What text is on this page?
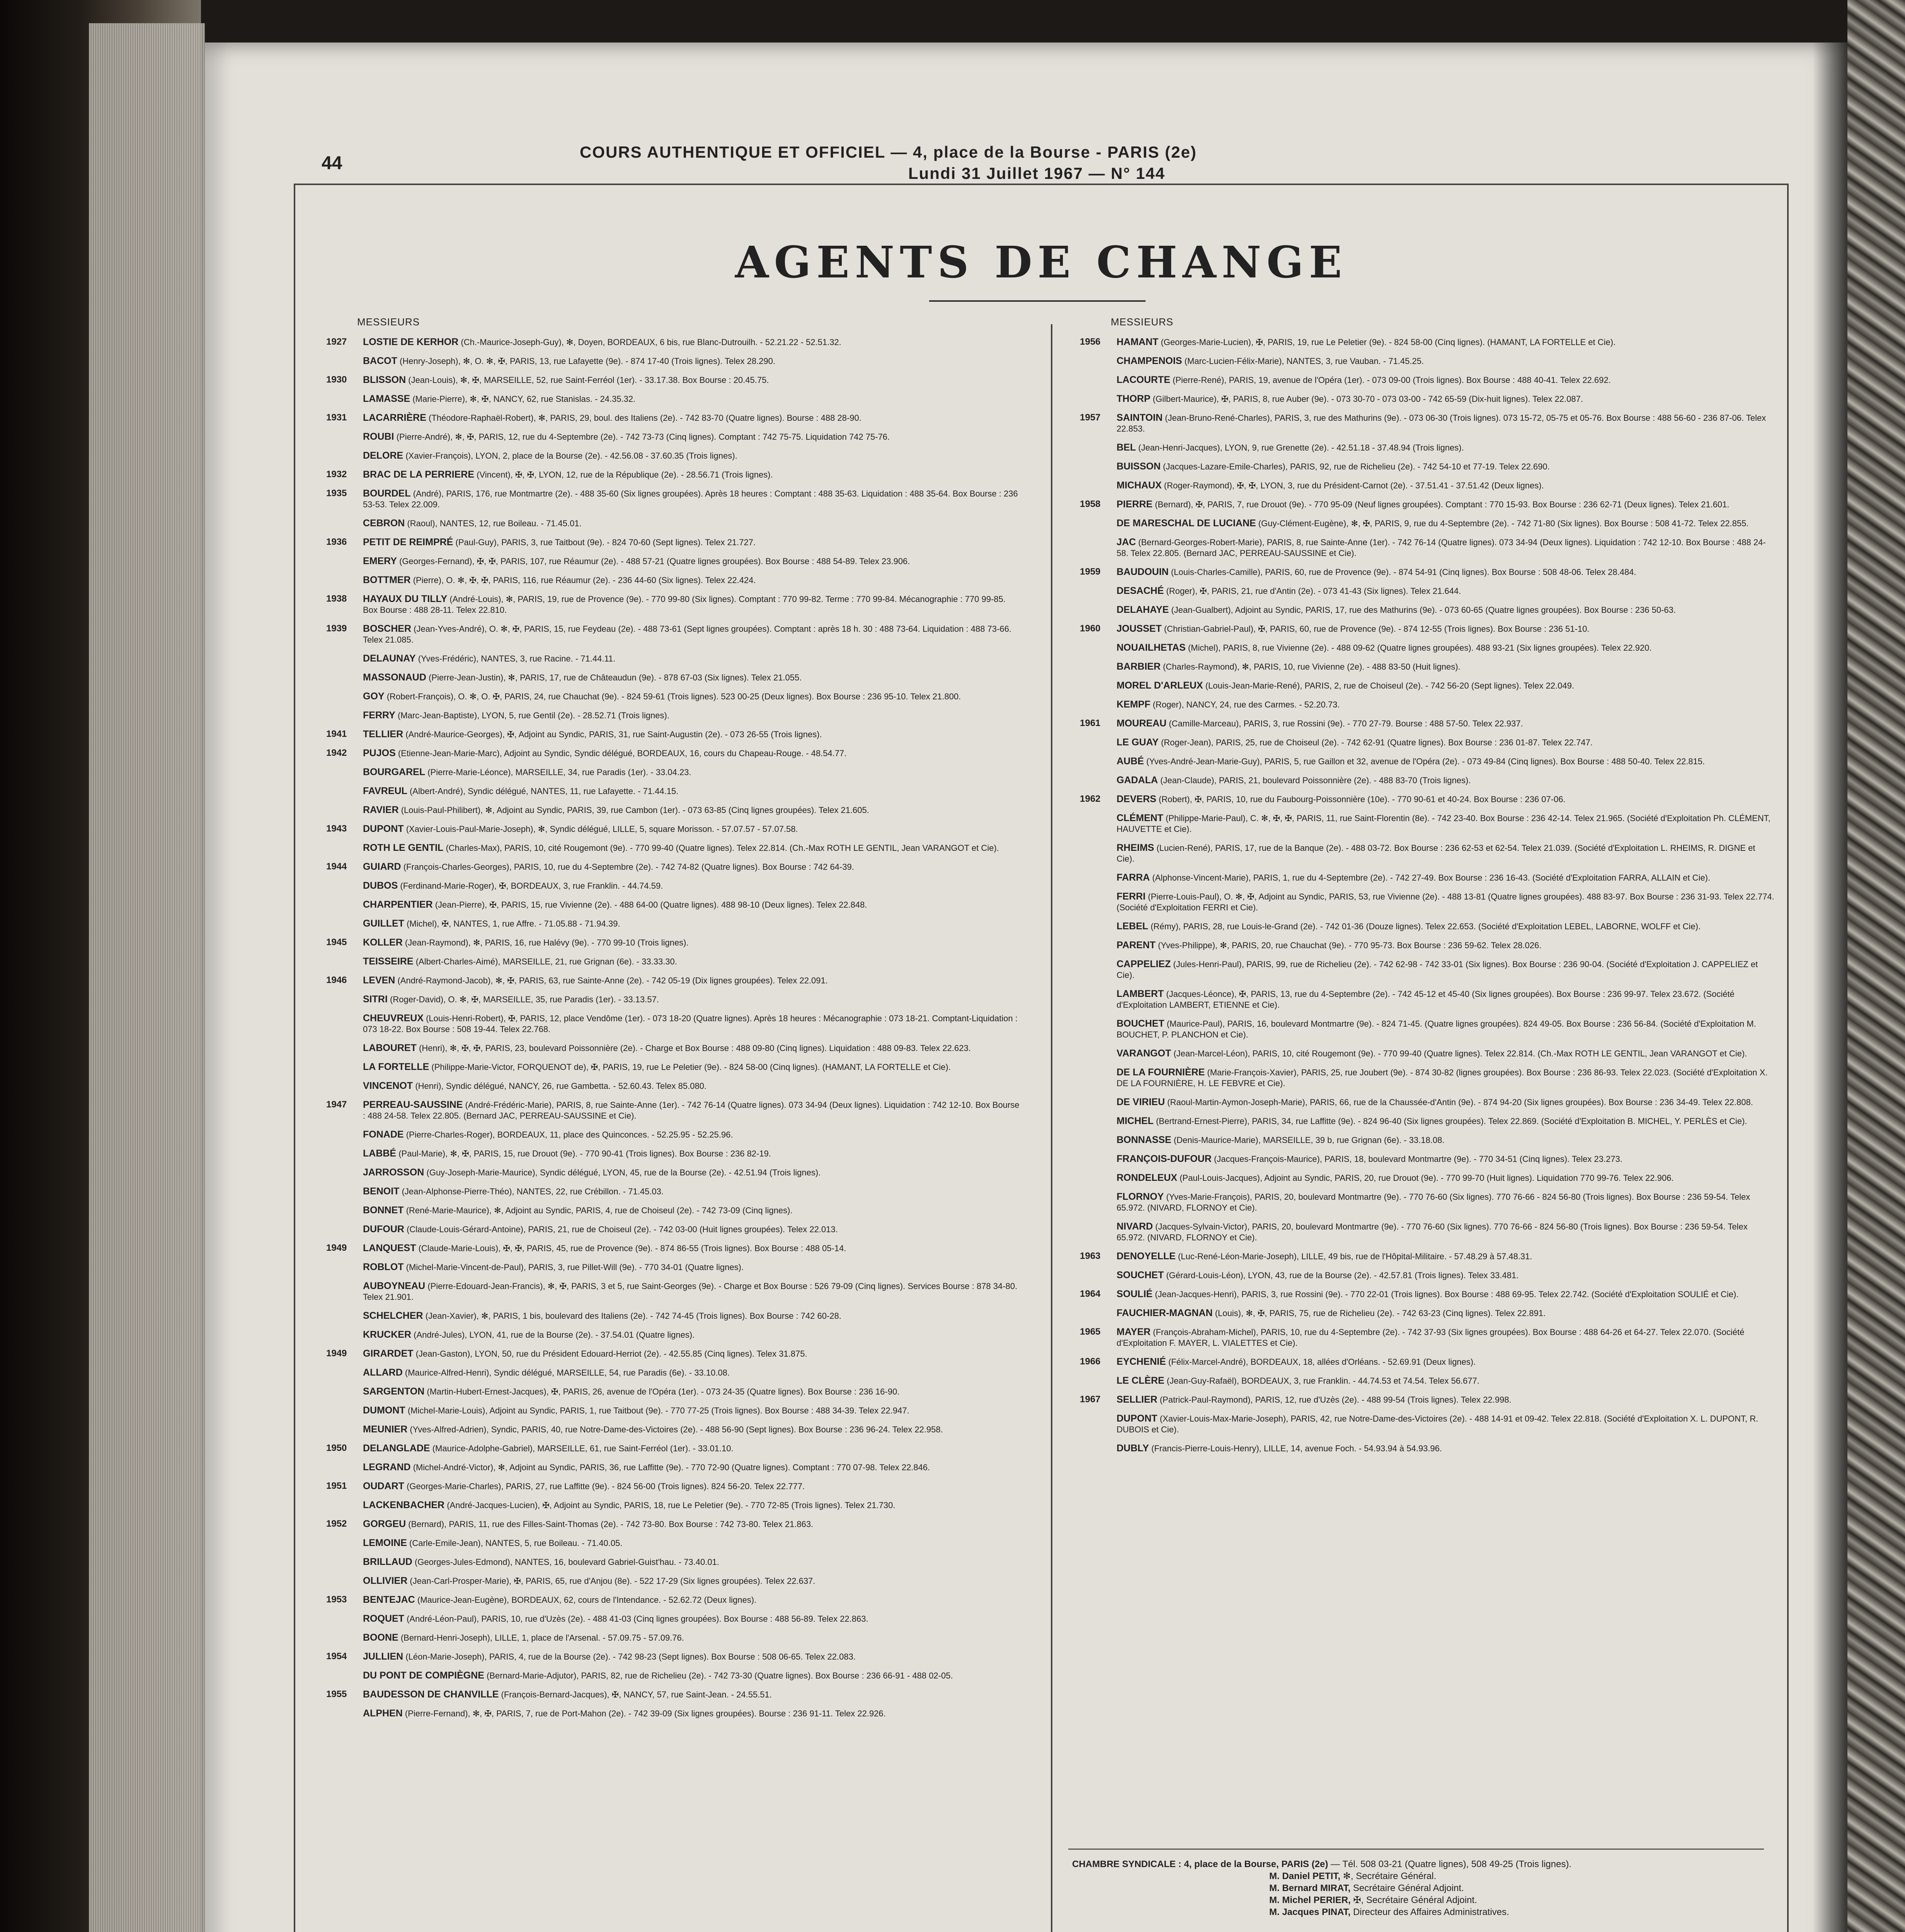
44
COURS AUTHENTIQUE ET OFFICIEL — 4, place de la Bourse - PARIS (2e)
Lundi 31 Juillet 1967 — N° 144
AGENTS DE CHANGE
MESSIEURS
1927 LOSTIE DE KERHOR (Ch.-Maurice-Joseph-Guy), ✻, Doyen, BORDEAUX, 6 bis, rue Blanc-Dutrouilh. - 52.21.22 - 52.51.32.
BACOT (Henry-Joseph), ✻, O. ✻, ✠, PARIS, 13, rue Lafayette (9e). - 874 17-40 (Trois lignes). Telex 28.290.
1930 BLISSON (Jean-Louis), ✻, ✠, MARSEILLE, 52, rue Saint-Ferréol (1er). - 33.17.38. Box Bourse : 20.45.75.
LAMASSE (Marie-Pierre), ✻, ✠, NANCY, 62, rue Stanislas. - 24.35.32.
1931 LACARRIÈRE (Théodore-Raphaël-Robert), ✻, PARIS, 29, boul. des Italiens (2e). - 742 83-70 (Quatre lignes). Bourse : 488 28-90.
ROUBI (Pierre-André), ✻, ✠, PARIS, 12, rue du 4-Septembre (2e). - 742 73-73 (Cinq lignes). Comptant : 742 75-75. Liquidation 742 75-76.
DELORE (Xavier-François), LYON, 2, place de la Bourse (2e). - 42.56.08 - 37.60.35 (Trois lignes).
1932 BRAC DE LA PERRIERE (Vincent), ✠, ✠, LYON, 12, rue de la République (2e). - 28.56.71 (Trois lignes).
1935 BOURDEL (André), PARIS, 176, rue Montmartre (2e). - 488 35-60 (Six lignes groupées). Après 18 heures : Comptant : 488 35-63. Liquidation : 488 35-64. Box Bourse : 236 53-53. Telex 22.009.
CEBRON (Raoul), NANTES, 12, rue Boileau. - 71.45.01.
1936 PETIT DE REIMPRÉ (Paul-Guy), PARIS, 3, rue Taitbout (9e). - 824 70-60 (Sept lignes). Telex 21.727.
EMERY (Georges-Fernand), ✠, ✠, PARIS, 107, rue Réaumur (2e). - 488 57-21 (Quatre lignes groupées). Box Bourse : 488 54-89. Telex 23.906.
BOTTMER (Pierre), O. ✻, ✠, ✠, PARIS, 116, rue Réaumur (2e). - 236 44-60 (Six lignes). Telex 22.424.
1938 HAYAUX DU TILLY (André-Louis), ✻, PARIS, 19, rue de Provence (9e). - 770 99-80 (Six lignes). Comptant : 770 99-82. Terme : 770 99-84. Mécanographie : 770 99-85. Box Bourse : 488 28-11. Telex 22.810.
1939 BOSCHER (Jean-Yves-André), O. ✻, ✠, PARIS, 15, rue Feydeau (2e). - 488 73-61 (Sept lignes groupées). Comptant : après 18 h. 30 : 488 73-64. Liquidation : 488 73-66. Telex 21.085.
DELAUNAY (Yves-Frédéric), NANTES, 3, rue Racine. - 71.44.11.
MASSONAUD (Pierre-Jean-Justin), ✻, PARIS, 17, rue de Châteaudun (9e). - 878 67-03 (Six lignes). Telex 21.055.
GOY (Robert-François), O. ✻, O. ✠, PARIS, 24, rue Chauchat (9e). - 824 59-61 (Trois lignes). 523 00-25 (Deux lignes). Box Bourse : 236 95-10. Telex 21.800.
FERRY (Marc-Jean-Baptiste), LYON, 5, rue Gentil (2e). - 28.52.71 (Trois lignes).
1941 TELLIER (André-Maurice-Georges), ✠, Adjoint au Syndic, PARIS, 31, rue Saint-Augustin (2e). - 073 26-55 (Trois lignes).
1942 PUJOS (Etienne-Jean-Marie-Marc), Adjoint au Syndic, Syndic délégué, BORDEAUX, 16, cours du Chapeau-Rouge. - 48.54.77.
BOURGAREL (Pierre-Marie-Léonce), MARSEILLE, 34, rue Paradis (1er). - 33.04.23.
FAVREUL (Albert-André), Syndic délégué, NANTES, 11, rue Lafayette. - 71.44.15.
RAVIER (Louis-Paul-Philibert), ✻, Adjoint au Syndic, PARIS, 39, rue Cambon (1er). - 073 63-85 (Cinq lignes groupées). Telex 21.605.
1943 DUPONT (Xavier-Louis-Paul-Marie-Joseph), ✻, Syndic délégué, LILLE, 5, square Morisson. - 57.07.57 - 57.07.58.
ROTH LE GENTIL (Charles-Max), PARIS, 10, cité Rougemont (9e). - 770 99-40 (Quatre lignes). Telex 22.814. (Ch.-Max ROTH LE GENTIL, Jean VARANGOT et Cie).
1944 GUIARD (François-Charles-Georges), PARIS, 10, rue du 4-Septembre (2e). - 742 74-82 (Quatre lignes). Box Bourse : 742 64-39.
DUBOS (Ferdinand-Marie-Roger), ✠, BORDEAUX, 3, rue Franklin. - 44.74.59.
CHARPENTIER (Jean-Pierre), ✠, PARIS, 15, rue Vivienne (2e). - 488 64-00 (Quatre lignes). 488 98-10 (Deux lignes). Telex 22.848.
GUILLET (Michel), ✠, NANTES, 1, rue Affre. - 71.05.88 - 71.94.39.
1945 KOLLER (Jean-Raymond), ✻, PARIS, 16, rue Halévy (9e). - 770 99-10 (Trois lignes).
TEISSEIRE (Albert-Charles-Aimé), MARSEILLE, 21, rue Grignan (6e). - 33.33.30.
1946 LEVEN (André-Raymond-Jacob), ✻, ✠, PARIS, 63, rue Sainte-Anne (2e). - 742 05-19 (Dix lignes groupées). Telex 22.091.
SITRI (Roger-David), O. ✻, ✠, MARSEILLE, 35, rue Paradis (1er). - 33.13.57.
CHEUVREUX (Louis-Henri-Robert), ✠, PARIS, 12, place Vendôme (1er). - 073 18-20 (Quatre lignes). Après 18 heures : Mécanographie : 073 18-21. Comptant-Liquidation : 073 18-22. Box Bourse : 508 19-44. Telex 22.768.
LABOURET (Henri), ✻, ✠, ✠, PARIS, 23, boulevard Poissonnière (2e). - Charge et Box Bourse : 488 09-80 (Cinq lignes). Liquidation : 488 09-83. Telex 22.623.
LA FORTELLE (Philippe-Marie-Victor, FORQUENOT de), ✠, PARIS, 19, rue Le Peletier (9e). - 824 58-00 (Cinq lignes). (HAMANT, LA FORTELLE et Cie).
VINCENOT (Henri), Syndic délégué, NANCY, 26, rue Gambetta. - 52.60.43. Telex 85.080.
1947 PERREAU-SAUSSINE (André-Frédéric-Marie), PARIS, 8, rue Sainte-Anne (1er). - 742 76-14 (Quatre lignes). 073 34-94 (Deux lignes). Liquidation : 742 12-10. Box Bourse : 488 24-58. Telex 22.805. (Bernard JAC, PERREAU-SAUSSINE et Cie).
FONADE (Pierre-Charles-Roger), BORDEAUX, 11, place des Quinconces. - 52.25.95 - 52.25.96.
LABBÉ (Paul-Marie), ✻, ✠, PARIS, 15, rue Drouot (9e). - 770 90-41 (Trois lignes). Box Bourse : 236 82-19.
JARROSSON (Guy-Joseph-Marie-Maurice), Syndic délégué, LYON, 45, rue de la Bourse (2e). - 42.51.94 (Trois lignes).
BENOIT (Jean-Alphonse-Pierre-Théo), NANTES, 22, rue Crébillon. - 71.45.03.
BONNET (René-Marie-Maurice), ✻, Adjoint au Syndic, PARIS, 4, rue de Choiseul (2e). - 742 73-09 (Cinq lignes).
DUFOUR (Claude-Louis-Gérard-Antoine), PARIS, 21, rue de Choiseul (2e). - 742 03-00 (Huit lignes groupées). Telex 22.013.
1949 LANQUEST (Claude-Marie-Louis), ✠, ✠, PARIS, 45, rue de Provence (9e). - 874 86-55 (Trois lignes). Box Bourse : 488 05-14.
ROBLOT (Michel-Marie-Vincent-de-Paul), PARIS, 3, rue Pillet-Will (9e). - 770 34-01 (Quatre lignes).
AUBOYNEAU (Pierre-Edouard-Jean-Francis), ✻, ✠, PARIS, 3 et 5, rue Saint-Georges (9e). - Charge et Box Bourse : 526 79-09 (Cinq lignes). Services Bourse : 878 34-80. Telex 21.901.
SCHELCHER (Jean-Xavier), ✻, PARIS, 1 bis, boulevard des Italiens (2e). - 742 74-45 (Trois lignes). Box Bourse : 742 60-28.
KRUCKER (André-Jules), LYON, 41, rue de la Bourse (2e). - 37.54.01 (Quatre lignes).
1949 GIRARDET (Jean-Gaston), LYON, 50, rue du Président Edouard-Herriot (2e). - 42.55.85 (Cinq lignes). Telex 31.875.
ALLARD (Maurice-Alfred-Henri), Syndic délégué, MARSEILLE, 54, rue Paradis (6e). - 33.10.08.
SARGENTON (Martin-Hubert-Ernest-Jacques), ✠, PARIS, 26, avenue de l'Opéra (1er). - 073 24-35 (Quatre lignes). Box Bourse : 236 16-90.
DUMONT (Michel-Marie-Louis), Adjoint au Syndic, PARIS, 1, rue Taitbout (9e). - 770 77-25 (Trois lignes). Box Bourse : 488 34-39. Telex 22.947.
MEUNIER (Yves-Alfred-Adrien), Syndic, PARIS, 40, rue Notre-Dame-des-Victoires (2e). - 488 56-90 (Sept lignes). Box Bourse : 236 96-24. Telex 22.958.
1950 DELANGLADE (Maurice-Adolphe-Gabriel), MARSEILLE, 61, rue Saint-Ferréol (1er). - 33.01.10.
LEGRAND (Michel-André-Victor), ✻, Adjoint au Syndic, PARIS, 36, rue Laffitte (9e). - 770 72-90 (Quatre lignes). Comptant : 770 07-98. Telex 22.846.
1951 OUDART (Georges-Marie-Charles), PARIS, 27, rue Laffitte (9e). - 824 56-00 (Trois lignes). 824 56-20. Telex 22.777.
LACKENBACHER (André-Jacques-Lucien), ✠, Adjoint au Syndic, PARIS, 18, rue Le Peletier (9e). - 770 72-85 (Trois lignes). Telex 21.730.
1952 GORGEU (Bernard), PARIS, 11, rue des Filles-Saint-Thomas (2e). - 742 73-80. Box Bourse : 742 73-80. Telex 21.863.
LEMOINE (Carle-Emile-Jean), NANTES, 5, rue Boileau. - 71.40.05.
BRILLAUD (Georges-Jules-Edmond), NANTES, 16, boulevard Gabriel-Guist'hau. - 73.40.01.
OLLIVIER (Jean-Carl-Prosper-Marie), ✠, PARIS, 65, rue d'Anjou (8e). - 522 17-29 (Six lignes groupées). Telex 22.637.
1953 BENTEJAC (Maurice-Jean-Eugène), BORDEAUX, 62, cours de l'Intendance. - 52.62.72 (Deux lignes).
ROQUET (André-Léon-Paul), PARIS, 10, rue d'Uzès (2e). - 488 41-03 (Cinq lignes groupées). Box Bourse : 488 56-89. Telex 22.863.
BOONE (Bernard-Henri-Joseph), LILLE, 1, place de l'Arsenal. - 57.09.75 - 57.09.76.
1954 JULLIEN (Léon-Marie-Joseph), PARIS, 4, rue de la Bourse (2e). - 742 98-23 (Sept lignes). Box Bourse : 508 06-65. Telex 22.083.
DU PONT DE COMPIÈGNE (Bernard-Marie-Adjutor), PARIS, 82, rue de Richelieu (2e). - 742 73-30 (Quatre lignes). Box Bourse : 236 66-91 - 488 02-05.
1955 BAUDESSON DE CHANVILLE (François-Bernard-Jacques), ✠, NANCY, 57, rue Saint-Jean. - 24.55.51.
ALPHEN (Pierre-Fernand), ✻, ✠, PARIS, 7, rue de Port-Mahon (2e). - 742 39-09 (Six lignes groupées). Bourse : 236 91-11. Telex 22.926.
MESSIEURS
1956 HAMANT (Georges-Marie-Lucien), ✠, PARIS, 19, rue Le Peletier (9e). - 824 58-00 (Cinq lignes). (HAMANT, LA FORTELLE et Cie).
CHAMPENOIS (Marc-Lucien-Félix-Marie), NANTES, 3, rue Vauban. - 71.45.25.
LACOURTE (Pierre-René), PARIS, 19, avenue de l'Opéra (1er). - 073 09-00 (Trois lignes). Box Bourse : 488 40-41. Telex 22.692.
THORP (Gilbert-Maurice), ✠, PARIS, 8, rue Auber (9e). - 073 30-70 - 073 03-00 - 742 65-59 (Dix-huit lignes). Telex 22.087.
1957 SAINTOIN (Jean-Bruno-René-Charles), PARIS, 3, rue des Mathurins (9e). - 073 06-30 (Trois lignes). 073 15-72, 05-75 et 05-76. Box Bourse : 488 56-60 - 236 87-06. Telex 22.853.
BEL (Jean-Henri-Jacques), LYON, 9, rue Grenette (2e). - 42.51.18 - 37.48.94 (Trois lignes).
BUISSON (Jacques-Lazare-Emile-Charles), PARIS, 92, rue de Richelieu (2e). - 742 54-10 et 77-19. Telex 22.690.
MICHAUX (Roger-Raymond), ✠, ✠, LYON, 3, rue du Président-Carnot (2e). - 37.51.41 - 37.51.42 (Deux lignes).
1958 PIERRE (Bernard), ✠, PARIS, 7, rue Drouot (9e). - 770 95-09 (Neuf lignes groupées). Comptant : 770 15-93. Box Bourse : 236 62-71 (Deux lignes). Telex 21.601.
DE MARESCHAL DE LUCIANE (Guy-Clément-Eugène), ✻, ✠, PARIS, 9, rue du 4-Septembre (2e). - 742 71-80 (Six lignes). Box Bourse : 508 41-72. Telex 22.855.
JAC (Bernard-Georges-Robert-Marie), PARIS, 8, rue Sainte-Anne (1er). - 742 76-14 (Quatre lignes). 073 34-94 (Deux lignes). Liquidation : 742 12-10. Box Bourse : 488 24-58. Telex 22.805. (Bernard JAC, PERREAU-SAUSSINE et Cie).
1959 BAUDOUIN (Louis-Charles-Camille), PARIS, 60, rue de Provence (9e). - 874 54-91 (Cinq lignes). Box Bourse : 508 48-06. Telex 28.484.
DESACHÉ (Roger), ✠, PARIS, 21, rue d'Antin (2e). - 073 41-43 (Six lignes). Telex 21.644.
DELAHAYE (Jean-Gualbert), Adjoint au Syndic, PARIS, 17, rue des Mathurins (9e). - 073 60-65 (Quatre lignes groupées). Box Bourse : 236 50-63.
1960 JOUSSET (Christian-Gabriel-Paul), ✠, PARIS, 60, rue de Provence (9e). - 874 12-55 (Trois lignes). Box Bourse : 236 51-10.
NOUAILHETAS (Michel), PARIS, 8, rue Vivienne (2e). - 488 09-62 (Quatre lignes groupées). 488 93-21 (Six lignes groupées). Telex 22.920.
BARBIER (Charles-Raymond), ✻, PARIS, 10, rue Vivienne (2e). - 488 83-50 (Huit lignes).
MOREL D'ARLEUX (Louis-Jean-Marie-René), PARIS, 2, rue de Choiseul (2e). - 742 56-20 (Sept lignes). Telex 22.049.
KEMPF (Roger), NANCY, 24, rue des Carmes. - 52.20.73.
1961 MOUREAU (Camille-Marceau), PARIS, 3, rue Rossini (9e). - 770 27-79. Bourse : 488 57-50. Telex 22.937.
LE GUAY (Roger-Jean), PARIS, 25, rue de Choiseul (2e). - 742 62-91 (Quatre lignes). Box Bourse : 236 01-87. Telex 22.747.
AUBÉ (Yves-André-Jean-Marie-Guy), PARIS, 5, rue Gaillon et 32, avenue de l'Opéra (2e). - 073 49-84 (Cinq lignes). Box Bourse : 488 50-40. Telex 22.815.
GADALA (Jean-Claude), PARIS, 21, boulevard Poissonnière (2e). - 488 83-70 (Trois lignes).
1962 DEVERS (Robert), ✠, PARIS, 10, rue du Faubourg-Poissonnière (10e). - 770 90-61 et 40-24. Box Bourse : 236 07-06.
CLÉMENT (Philippe-Marie-Paul), C. ✻, ✠, ✠, PARIS, 11, rue Saint-Florentin (8e). - 742 23-40. Box Bourse : 236 42-14. Telex 21.965. (Société d'Exploitation Ph. CLÉMENT, HAUVETTE et Cie).
RHEIMS (Lucien-René), PARIS, 17, rue de la Banque (2e). - 488 03-72. Box Bourse : 236 62-53 et 62-54. Telex 21.039. (Société d'Exploitation L. RHEIMS, R. DIGNE et Cie).
FARRA (Alphonse-Vincent-Marie), PARIS, 1, rue du 4-Septembre (2e). - 742 27-49. Box Bourse : 236 16-43. (Société d'Exploitation FARRA, ALLAIN et Cie).
FERRI (Pierre-Louis-Paul), O. ✻, ✠, Adjoint au Syndic, PARIS, 53, rue Vivienne (2e). - 488 13-81 (Quatre lignes groupées). 488 83-97. Box Bourse : 236 31-93. Telex 22.774. (Société d'Exploitation FERRI et Cie).
LEBEL (Rémy), PARIS, 28, rue Louis-le-Grand (2e). - 742 01-36 (Douze lignes). Telex 22.653. (Société d'Exploitation LEBEL, LABORNE, WOLFF et Cie).
PARENT (Yves-Philippe), ✻, PARIS, 20, rue Chauchat (9e). - 770 95-73. Box Bourse : 236 59-62. Telex 28.026.
CAPPELIEZ (Jules-Henri-Paul), PARIS, 99, rue de Richelieu (2e). - 742 62-98 - 742 33-01 (Six lignes). Box Bourse : 236 90-04. (Société d'Exploitation J. CAPPELIEZ et Cie).
LAMBERT (Jacques-Léonce), ✠, PARIS, 13, rue du 4-Septembre (2e). - 742 45-12 et 45-40 (Six lignes groupées). Box Bourse : 236 99-97. Telex 23.672. (Société d'Exploitation LAMBERT, ETIENNE et Cie).
BOUCHET (Maurice-Paul), PARIS, 16, boulevard Montmartre (9e). - 824 71-45. (Quatre lignes groupées). 824 49-05. Box Bourse : 236 56-84. (Société d'Exploitation M. BOUCHET, P. PLANCHON et Cie).
VARANGOT (Jean-Marcel-Léon), PARIS, 10, cité Rougemont (9e). - 770 99-40 (Quatre lignes). Telex 22.814. (Ch.-Max ROTH LE GENTIL, Jean VARANGOT et Cie).
DE LA FOURNIÈRE (Marie-François-Xavier), PARIS, 25, rue Joubert (9e). - 874 30-82 (lignes groupées). Box Bourse : 236 86-93. Telex 22.023. (Société d'Exploitation X. DE LA FOURNIÈRE, H. LE FEBVRE et Cie).
DE VIRIEU (Raoul-Martin-Aymon-Joseph-Marie), PARIS, 66, rue de la Chaussée-d'Antin (9e). - 874 94-20 (Six lignes groupées). Box Bourse : 236 34-49. Telex 22.808.
MICHEL (Bertrand-Ernest-Pierre), PARIS, 34, rue Laffitte (9e). - 824 96-40 (Six lignes groupées). Telex 22.869. (Société d'Exploitation B. MICHEL, Y. PERLÈS et Cie).
BONNASSE (Denis-Maurice-Marie), MARSEILLE, 39 b, rue Grignan (6e). - 33.18.08.
FRANÇOIS-DUFOUR (Jacques-François-Maurice), PARIS, 18, boulevard Montmartre (9e). - 770 34-51 (Cinq lignes). Telex 23.273.
RONDELEUX (Paul-Louis-Jacques), Adjoint au Syndic, PARIS, 20, rue Drouot (9e). - 770 99-70 (Huit lignes). Liquidation 770 99-76. Telex 22.906.
FLORNOY (Yves-Marie-François), PARIS, 20, boulevard Montmartre (9e). - 770 76-60 (Six lignes). 770 76-66 - 824 56-80 (Trois lignes). Box Bourse : 236 59-54. Telex 65.972. (NIVARD, FLORNOY et Cie).
NIVARD (Jacques-Sylvain-Victor), PARIS, 20, boulevard Montmartre (9e). - 770 76-60 (Six lignes). 770 76-66 - 824 56-80 (Trois lignes). Box Bourse : 236 59-54. Telex 65.972. (NIVARD, FLORNOY et Cie).
1963 DENOYELLE (Luc-René-Léon-Marie-Joseph), LILLE, 49 bis, rue de l'Hôpital-Militaire. - 57.48.29 à 57.48.31.
SOUCHET (Gérard-Louis-Léon), LYON, 43, rue de la Bourse (2e). - 42.57.81 (Trois lignes). Telex 33.481.
1964 SOULIÉ (Jean-Jacques-Henri), PARIS, 3, rue Rossini (9e). - 770 22-01 (Trois lignes). Box Bourse : 488 69-95. Telex 22.742. (Société d'Exploitation SOULIÉ et Cie).
FAUCHIER-MAGNAN (Louis), ✻, ✠, PARIS, 75, rue de Richelieu (2e). - 742 63-23 (Cinq lignes). Telex 22.891.
1965 MAYER (François-Abraham-Michel), PARIS, 10, rue du 4-Septembre (2e). - 742 37-93 (Six lignes groupées). Box Bourse : 488 64-26 et 64-27. Telex 22.070. (Société d'Exploitation F. MAYER, L. VIALETTES et Cie).
1966 EYCHENIÉ (Félix-Marcel-André), BORDEAUX, 18, allées d'Orléans. - 52.69.91 (Deux lignes).
LE CLÈRE (Jean-Guy-Rafaël), BORDEAUX, 3, rue Franklin. - 44.74.53 et 74.54. Telex 56.677.
1967 SELLIER (Patrick-Paul-Raymond), PARIS, 12, rue d'Uzès (2e). - 488 99-54 (Trois lignes). Telex 22.998.
DUPONT (Xavier-Louis-Max-Marie-Joseph), PARIS, 42, rue Notre-Dame-des-Victoires (2e). - 488 14-91 et 09-42. Telex 22.818. (Société d'Exploitation X. L. DUPONT, R. DUBOIS et Cie).
DUBLY (Francis-Pierre-Louis-Henry), LILLE, 14, avenue Foch. - 54.93.94 à 54.93.96.
CHAMBRE SYNDICALE : 4, place de la Bourse, PARIS (2e) — Tél. 508 03-21 (Quatre lignes), 508 49-25 (Trois lignes).
M. Daniel PETIT, ✻, Secrétaire Général.
M. Bernard MIRAT, Secrétaire Général Adjoint.
M. Michel PERIER, ✠, Secrétaire Général Adjoint.
M. Jacques PINAT, Directeur des Affaires Administratives.
